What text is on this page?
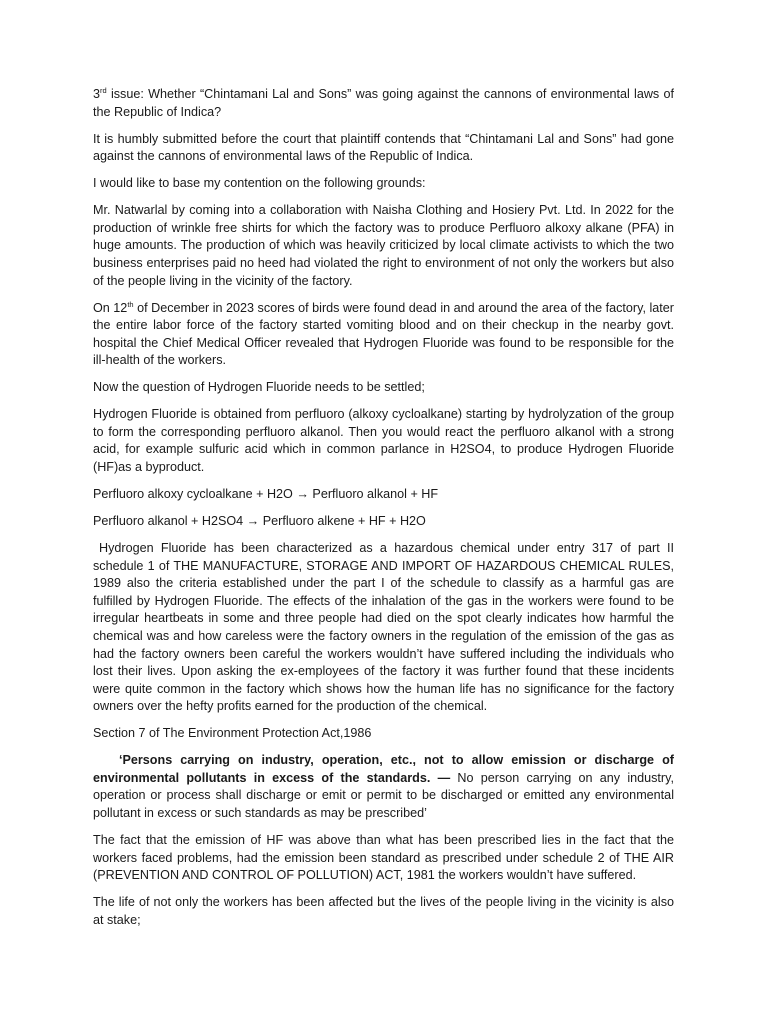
3rd issue: Whether “Chintamani Lal and Sons” was going against the cannons of environmental laws of the Republic of Indica?

It is humbly submitted before the court that plaintiff contends that “Chintamani Lal and Sons” had gone against the cannons of environmental laws of the Republic of Indica.

I would like to base my contention on the following grounds:

Mr. Natwarlal by coming into a collaboration with Naisha Clothing and Hosiery Pvt. Ltd. In 2022 for the production of wrinkle free shirts for which the factory was to produce Perfluoro alkoxy alkane (PFA) in huge amounts. The production of which was heavily criticized by local climate activists to which the two business enterprises paid no heed had violated the right to environment of not only the workers but also of the people living in the vicinity of the factory.

On 12th of December in 2023 scores of birds were found dead in and around the area of the factory, later the entire labor force of the factory started vomiting blood and on their checkup in the nearby govt. hospital the Chief Medical Officer revealed that Hydrogen Fluoride was found to be responsible for the ill-health of the workers.

Now the question of Hydrogen Fluoride needs to be settled;

Hydrogen Fluoride is obtained from perfluoro (alkoxy cycloalkane) starting by hydrolyzation of the group to form the corresponding perfluoro alkanol. Then you would react the perfluoro alkanol with a strong acid, for example sulfuric acid which in common parlance in H2SO4, to produce Hydrogen Fluoride (HF)as a byproduct.

Perfluoro alkoxy cycloalkane + H2O → Perfluoro alkanol + HF

Perfluoro alkanol + H2SO4 → Perfluoro alkene + HF + H2O

Hydrogen Fluoride has been characterized as a hazardous chemical under entry 317 of part II schedule 1 of THE MANUFACTURE, STORAGE AND IMPORT OF HAZARDOUS CHEMICAL RULES, 1989 also the criteria established under the part I of the schedule to classify as a harmful gas are fulfilled by Hydrogen Fluoride. The effects of the inhalation of the gas in the workers were found to be irregular heartbeats in some and three people had died on the spot clearly indicates how harmful the chemical was and how careless were the factory owners in the regulation of the emission of the gas as had the factory owners been careful the workers wouldn’t have suffered including the individuals who lost their lives. Upon asking the ex-employees of the factory it was further found that these incidents were quite common in the factory which shows how the human life has no significance for the factory owners over the hefty profits earned for the production of the chemical.

Section 7 of The Environment Protection Act,1986

‘Persons carrying on industry, operation, etc., not to allow emission or discharge of environmental pollutants in excess of the standards. — No person carrying on any industry, operation or process shall discharge or emit or permit to be discharged or emitted any environmental pollutant in excess or such standards as may be prescribed’

The fact that the emission of HF was above than what has been prescribed lies in the fact that the workers faced problems, had the emission been standard as prescribed under schedule 2 of THE AIR (PREVENTION AND CONTROL OF POLLUTION) ACT, 1981 the workers wouldn’t have suffered.

The life of not only the workers has been affected but the lives of the people living in the vicinity is also at stake;
